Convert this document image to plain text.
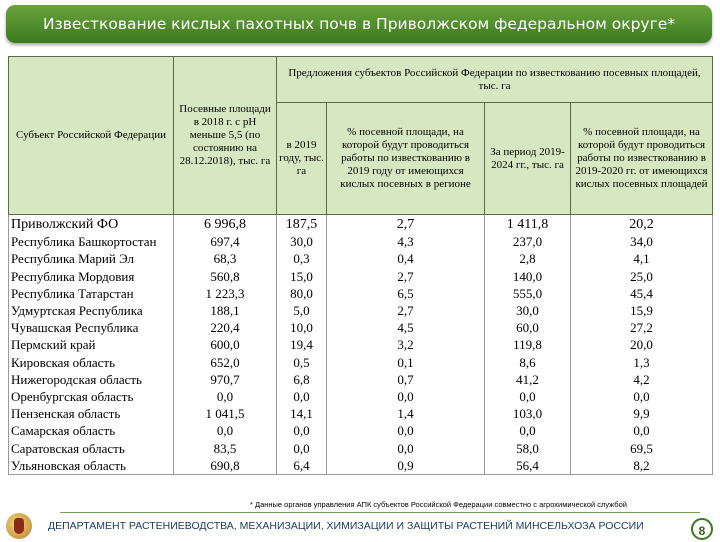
Известкование кислых пахотных почв в Приволжском федеральном округе*
Субъект Российской Федерации	Посевные площади в 2018 г. с рН меньше 5,5 (по состоянию на 28.12.2018), тыс. га	Предложения субъектов Российской Федерации по известкованию посевных площадей, тыс. га			
		в 2019 году, тыс. га	% посевной площади, на которой будут проводиться работы по известкованию в 2019 году от имеющихся кислых посевных в регионе	За период 2019-2024 гг., тыс. га	% посевной площади, на которой будут проводиться работы по известкованию в 2019-2020 гг. от имеющихся кислых посевных площадей
Приволжский ФО	6 996,8	187,5	2,7	1 411,8	20,2
Республика Башкортостан	697,4	30,0	4,3	237,0	34,0
Республика Марий Эл	68,3	0,3	0,4	2,8	4,1
Республика Мордовия	560,8	15,0	2,7	140,0	25,0
Республика Татарстан	1 223,3	80,0	6,5	555,0	45,4
Удмуртская Республика	188,1	5,0	2,7	30,0	15,9
Чувашская Республика	220,4	10,0	4,5	60,0	27,2
Пермский край	600,0	19,4	3,2	119,8	20,0
Кировская область	652,0	0,5	0,1	8,6	1,3
Нижегородская область	970,7	6,8	0,7	41,2	4,2
Оренбургская область	0,0	0,0	0,0	0,0	0,0
Пензенская область	1 041,5	14,1	1,4	103,0	9,9
Самарская область	0,0	0,0	0,0	0,0	0,0
Саратовская область	83,5	0,0	0,0	58,0	69,5
Ульяновская область	690,8	6,4	0,9	56,4	8,2
* Данные органов управления АПК субъектов Российской Федерации совместно с агрохимической службой
ДЕПАРТАМЕНТ РАСТЕНИЕВОДСТВА, МЕХАНИЗАЦИИ, ХИМИЗАЦИИ И ЗАЩИТЫ РАСТЕНИЙ МИНСЕЛЬХОЗА РОССИИ	8
